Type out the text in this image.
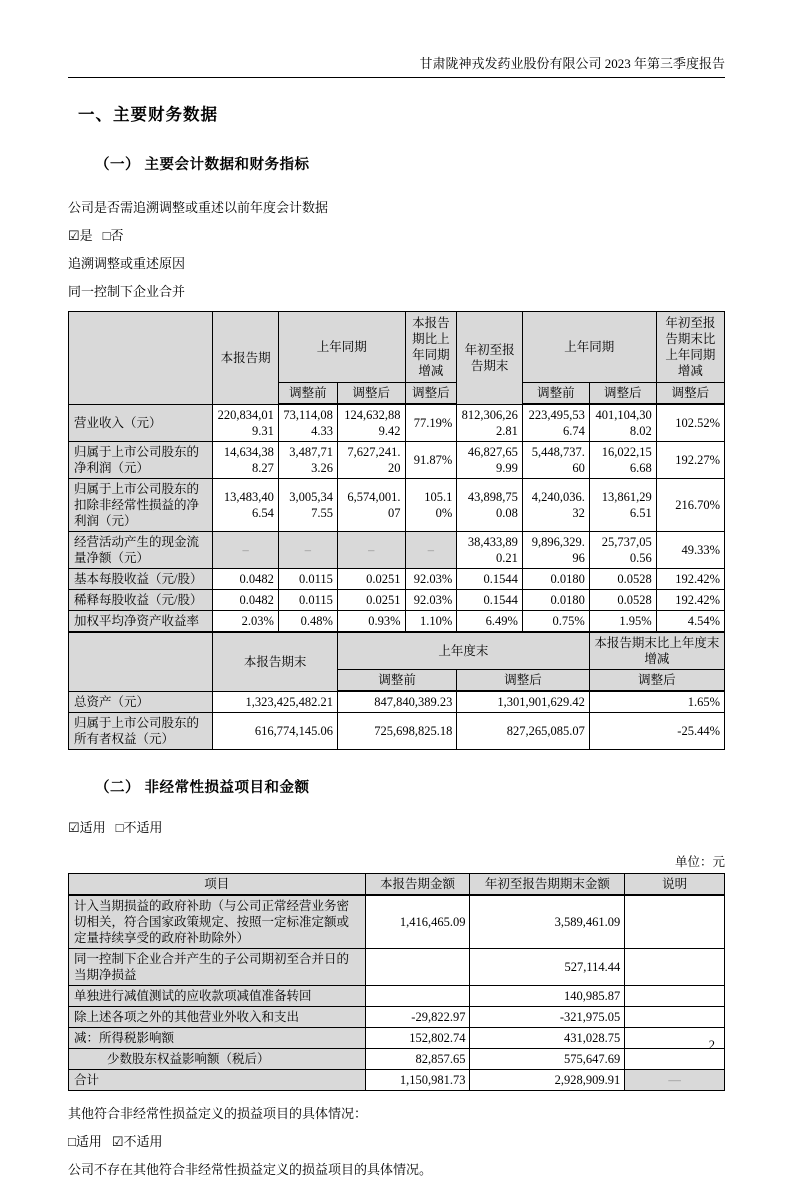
甘肃陇神戎发药业股份有限公司 2023 年第三季度报告
一、主要财务数据
（一） 主要会计数据和财务指标

公司是否需追溯调整或重述以前年度会计数据

☑是 □否

追溯调整或重述原因

同一控制下企业合并

	本报告期	上年同期		本报告期比上年同期增减	年初至报告期末	上年同期		年初至报告期末比上年同期增减
		调整前	调整后	调整后		调整前	调整后	调整后
营业收入（元）	220,834,019.31	73,114,084.33	124,632,889.42	77.19%	812,306,262.81	223,495,536.74	401,104,308.02	102.52%
归属于上市公司股东的净利润（元）	14,634,388.27	3,487,713.26	7,627,241.20	91.87%	46,827,659.99	5,448,737.60	16,022,156.68	192.27%
归属于上市公司股东的扣除非经常性损益的净利润（元）	13,483,406.54	3,005,347.55	6,574,001.07	105.10%	43,898,750.08	4,240,036.32	13,861,296.51	216.70%
经营活动产生的现金流量净额（元）	–	–	–	–	38,433,890.21	9,896,329.96	25,737,050.56	49.33%
基本每股收益（元/股）	0.0482	0.0115	0.0251	92.03%	0.1544	0.0180	0.0528	192.42%
稀释每股收益（元/股）	0.0482	0.0115	0.0251	92.03%	0.1544	0.0180	0.0528	192.42%
加权平均净资产收益率	2.03%	0.48%	0.93%	1.10%	6.49%	0.75%	1.95%	4.54%
	本报告期末		上年度末				本报告期末比上年度末增减	
			调整前		调整后		调整后	
总资产（元）	1,323,425,482.21		847,840,389.23		1,301,901,629.42		1.65%	
归属于上市公司股东的所有者权益（元）	616,774,145.06		725,698,825.18		827,265,085.07		-25.44%	
（二） 非经常性损益项目和金额

☑适用 □不适用

单位：元
项目	本报告期金额	年初至报告期期末金额	说明
计入当期损益的政府补助（与公司正常经营业务密切相关，符合国家政策规定、按照一定标准定额或定量持续享受的政府补助除外）	1,416,465.09	3,589,461.09	
同一控制下企业合并产生的子公司期初至合并日的当期净损益		527,114.44	
单独进行减值测试的应收款项减值准备转回		140,985.87	
除上述各项之外的其他营业外收入和支出	-29,822.97	-321,975.05	
减：所得税影响额	152,802.74	431,028.75	
少数股东权益影响额（税后）	82,857.65	575,647.69	
合计	1,150,981.73	2,928,909.91	—

其他符合非经常性损益定义的损益项目的具体情况：

□适用 ☑不适用

公司不存在其他符合非经常性损益定义的损益项目的具体情况。

2
